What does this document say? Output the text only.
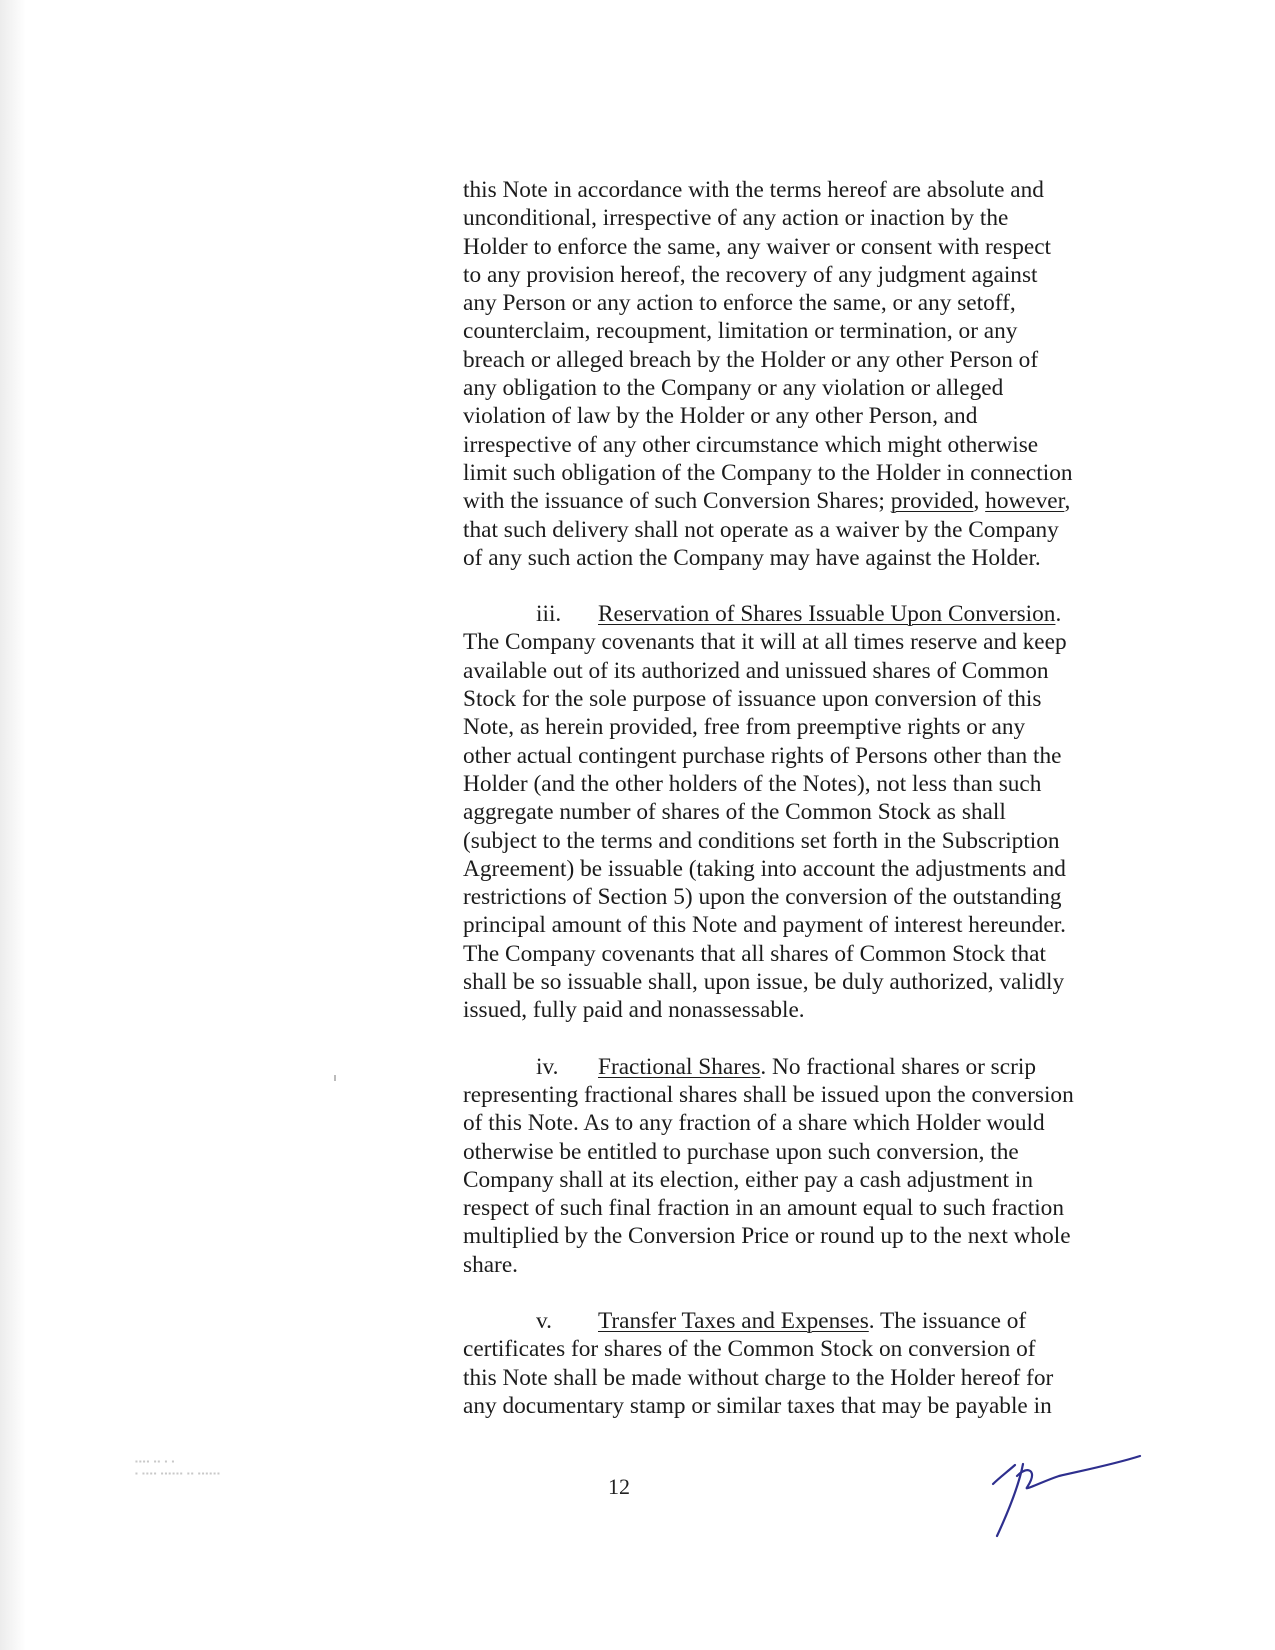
this Note in accordance with the terms hereof are absolute and
unconditional, irrespective of any action or inaction by the
Holder to enforce the same, any waiver or consent with respect
to any provision hereof, the recovery of any judgment against
any Person or any action to enforce the same, or any setoff,
counterclaim, recoupment, limitation or termination, or any
breach or alleged breach by the Holder or any other Person of
any obligation to the Company or any violation or alleged
violation of law by the Holder or any other Person, and
irrespective of any other circumstance which might otherwise
limit such obligation of the Company to the Holder in connection
with the issuance of such Conversion Shares; provided, however,
that such delivery shall not operate as a waiver by the Company
of any such action the Company may have against the Holder.
iii. Reservation of Shares Issuable Upon Conversion.
The Company covenants that it will at all times reserve and keep
available out of its authorized and unissued shares of Common
Stock for the sole purpose of issuance upon conversion of this
Note, as herein provided, free from preemptive rights or any
other actual contingent purchase rights of Persons other than the
Holder (and the other holders of the Notes), not less than such
aggregate number of shares of the Common Stock as shall
(subject to the terms and conditions set forth in the Subscription
Agreement) be issuable (taking into account the adjustments and
restrictions of Section 5) upon the conversion of the outstanding
principal amount of this Note and payment of interest hereunder.
The Company covenants that all shares of Common Stock that
shall be so issuable shall, upon issue, be duly authorized, validly
issued, fully paid and nonassessable.
iv. Fractional Shares. No fractional shares or scrip
representing fractional shares shall be issued upon the conversion
of this Note. As to any fraction of a share which Holder would
otherwise be entitled to purchase upon such conversion, the
Company shall at its election, either pay a cash adjustment in
respect of such final fraction in an amount equal to such fraction
multiplied by the Conversion Price or round up to the next whole
share.
v. Transfer Taxes and Expenses. The issuance of
certificates for shares of the Common Stock on conversion of
this Note shall be made without charge to the Holder hereof for
any documentary stamp or similar taxes that may be payable in
▪▪▪▪ ▪▪ ▪ ▪
▪ ▪▪▪▪ ▪▪▪▪▪▪ ▪▪ ▪▪▪▪▪▪
12
